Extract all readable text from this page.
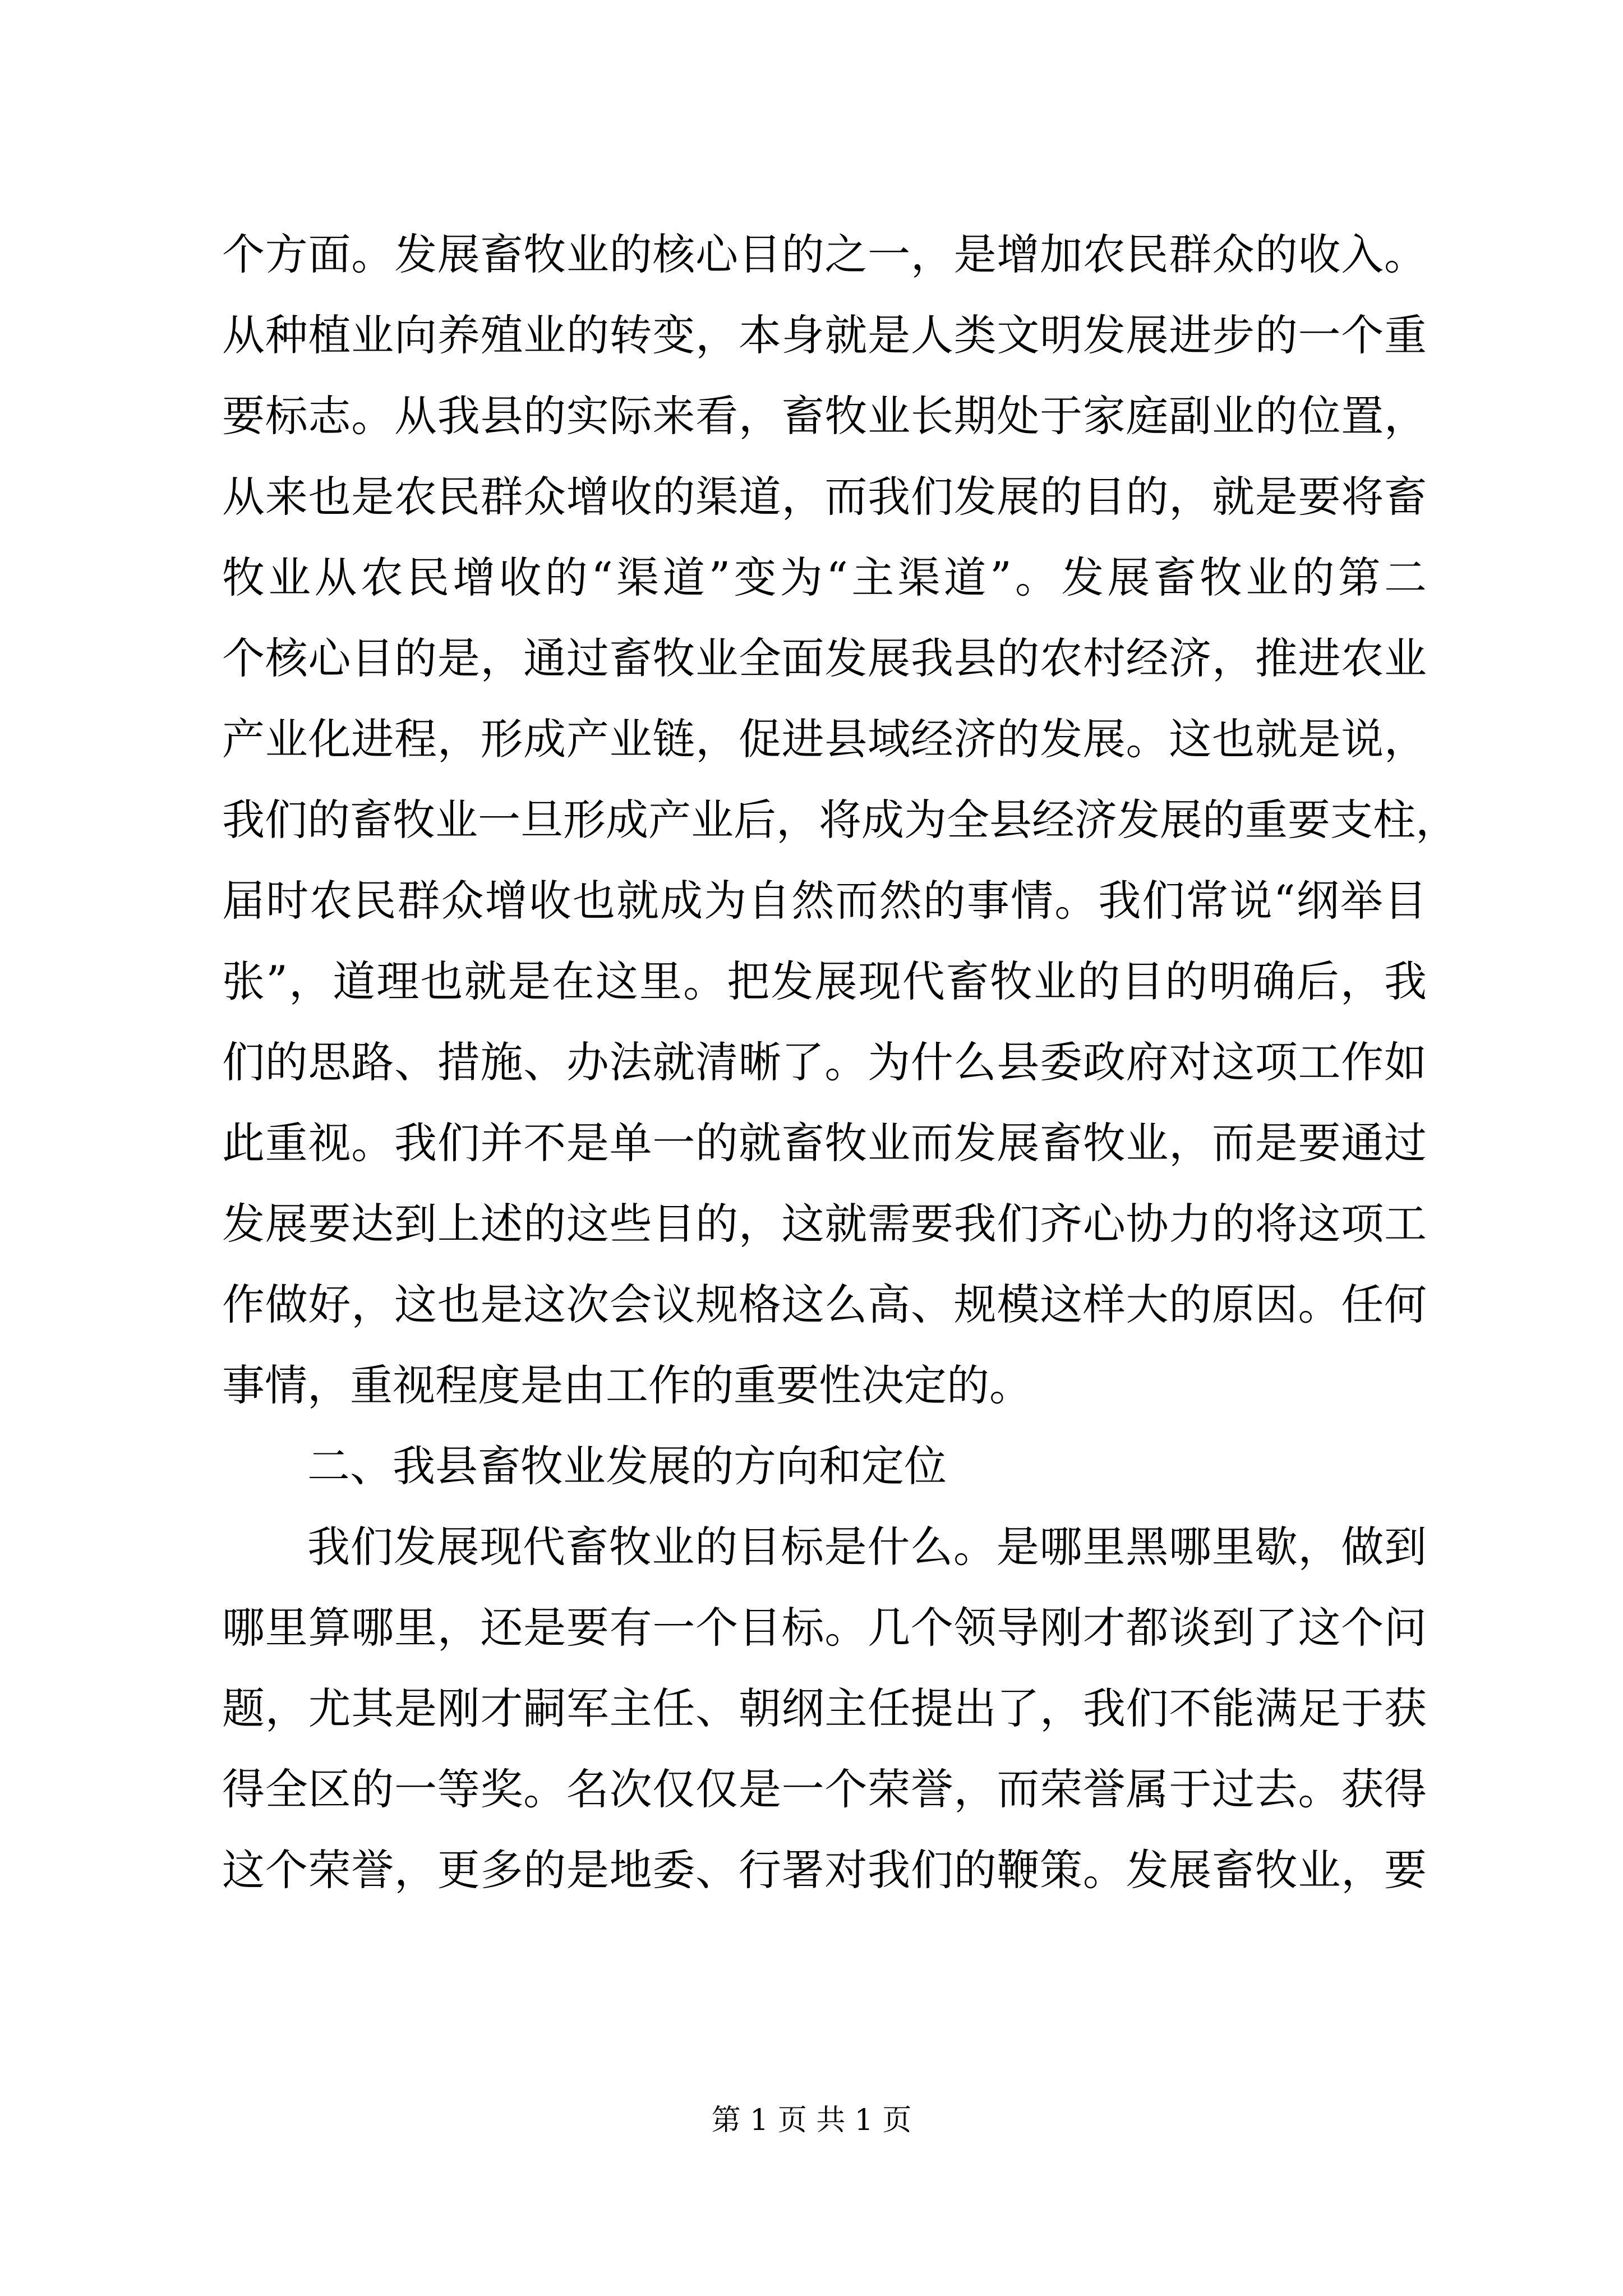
个方面。发展畜牧业的核心目的之一，是增加农民群众的收入。
从种植业向养殖业的转变，本身就是人类文明发展进步的一个重
要标志。从我县的实际来看，畜牧业长期处于家庭副业的位置，
从来也是农民群众增收的渠道，而我们发展的目的，就是要将畜
牧业从农民增收的“渠道”变为“主渠道”。发展畜牧业的第二
个核心目的是，通过畜牧业全面发展我县的农村经济，推进农业
产业化进程，形成产业链，促进县域经济的发展。这也就是说，
我们的畜牧业一旦形成产业后，将成为全县经济发展的重要支柱，
届时农民群众增收也就成为自然而然的事情。我们常说“纲举目
张”，道理也就是在这里。把发展现代畜牧业的目的明确后，我
们的思路、措施、办法就清晰了。为什么县委政府对这项工作如
此重视。我们并不是单一的就畜牧业而发展畜牧业，而是要通过
发展要达到上述的这些目的，这就需要我们齐心协力的将这项工
作做好，这也是这次会议规格这么高、规模这样大的原因。任何
事情，重视程度是由工作的重要性决定的。
二、我县畜牧业发展的方向和定位
我们发展现代畜牧业的目标是什么。是哪里黑哪里歇，做到
哪里算哪里，还是要有一个目标。几个领导刚才都谈到了这个问
题，尤其是刚才嗣军主任、朝纲主任提出了，我们不能满足于获
得全区的一等奖。名次仅仅是一个荣誉，而荣誉属于过去。获得
这个荣誉，更多的是地委、行署对我们的鞭策。发展畜牧业，要
第 1 页 共 1 页
